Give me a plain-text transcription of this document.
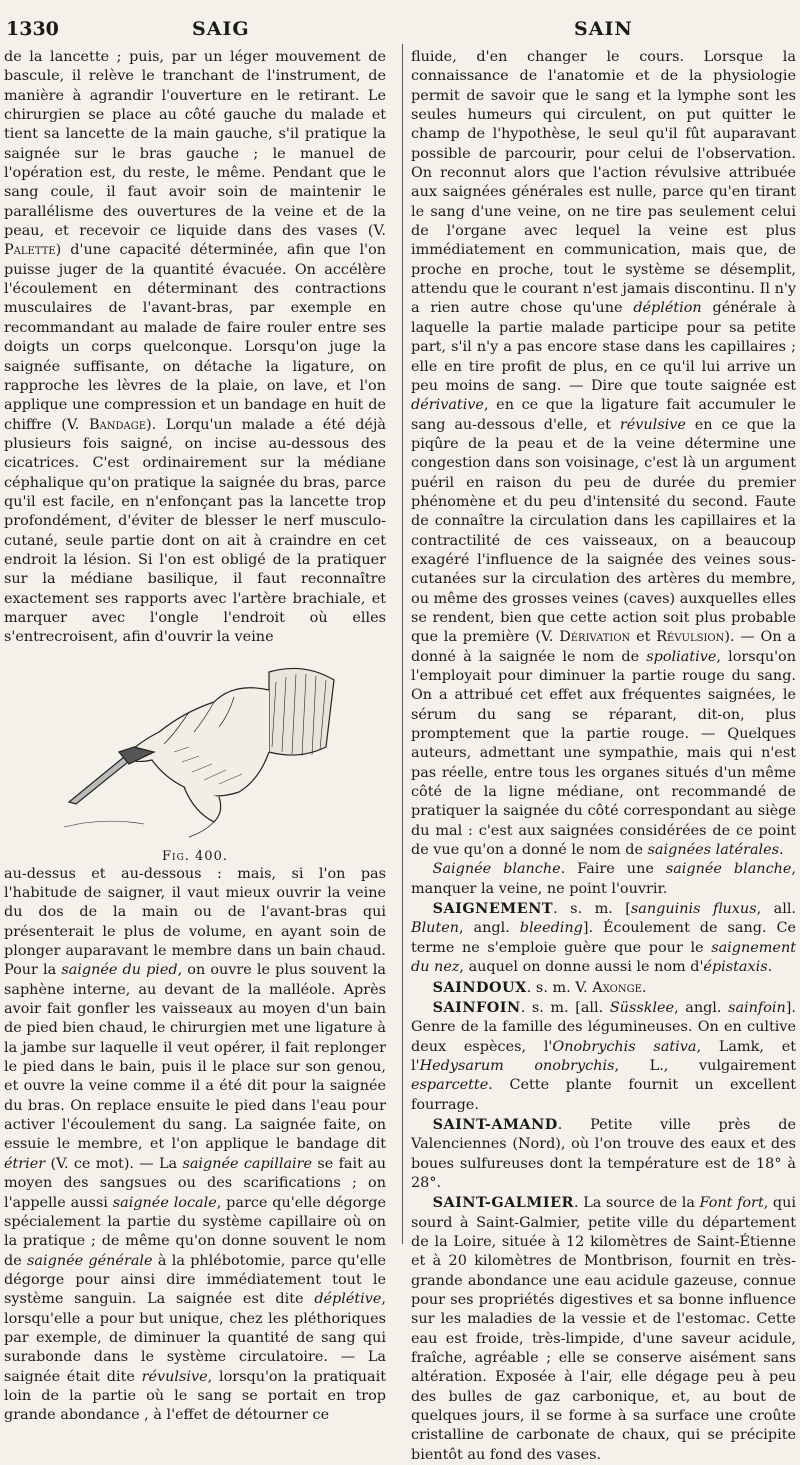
1330	SAIG	SAIN

de la lancette ; puis, par un léger mouvement de bascule, il relève le tranchant de l'instrument, de manière à agrandir l'ouverture en le retirant. Le chirurgien se place au côté gauche du malade et tient sa lancette de la main gauche, s'il pratique la saignée sur le bras gauche ; le manuel de l'opération est, du reste, le même. Pendant que le sang coule, il faut avoir soin de maintenir le parallélisme des ouvertures de la veine et de la peau, et recevoir ce liquide dans des vases (V. Palette) d'une capacité déterminée, afin que l'on puisse juger de la quantité évacuée. On accélère l'écoulement en déterminant des contractions musculaires de l'avant-bras, par exemple en recommandant au malade de faire rouler entre ses doigts un corps quelconque. Lorsqu'on juge la saignée suffisante, on détache la ligature, on rapproche les lèvres de la plaie, on lave, et l'on applique une compression et un bandage en huit de chiffre (V. Bandage). Lorqu'un malade a été déjà plusieurs fois saigné, on incise au-dessous des cicatrices. C'est ordinairement sur la médiane céphalique qu'on pratique la saignée du bras, parce qu'il est facile, en n'enfonçant pas la lancette trop profondément, d'éviter de blesser le nerf musculo-cutané, seule partie dont on ait à craindre en cet endroit la lésion. Si l'on est obligé de la pratiquer sur la médiane basilique, il faut reconnaître exactement ses rapports avec l'artère brachiale, et marquer avec l'ongle l'endroit où elles s'entrecroisent, afin d'ouvrir la veine

Fig. 400.

au-dessus et au-dessous : mais, si l'on pas l'habitude de saigner, il vaut mieux ouvrir la veine du dos de la main ou de l'avant-bras qui présenterait le plus de volume, en ayant soin de plonger auparavant le membre dans un bain chaud. Pour la saignée du pied, on ouvre le plus souvent la saphène interne, au devant de la malléole. Après avoir fait gonfler les vaisseaux au moyen d'un bain de pied bien chaud, le chirurgien met une ligature à la jambe sur laquelle il veut opérer, il fait replonger le pied dans le bain, puis il le place sur son genou, et ouvre la veine comme il a été dit pour la saignée du bras. On replace ensuite le pied dans l'eau pour activer l'écoulement du sang. La saignée faite, on essuie le membre, et l'on applique le bandage dit étrier (V. ce mot). — La saignée capillaire se fait au moyen des sangsues ou des scarifications ; on l'appelle aussi saignée locale, parce qu'elle dégorge spécialement la partie du système capillaire où on la pratique ; de même qu'on donne souvent le nom de saignée générale à la phlébotomie, parce qu'elle dégorge pour ainsi dire immédiatement tout le système sanguin. La saignée est dite déplétive, lorsqu'elle a pour but unique, chez les pléthoriques par exemple, de diminuer la quantité de sang qui surabonde dans le système circulatoire. — La saignée était dite révulsive, lorsqu'on la pratiquait loin de la partie où le sang se portait en trop grande abondance , à l'effet de détourner ce

fluide, d'en changer le cours. Lorsque la connaissance de l'anatomie et de la physiologie permit de savoir que le sang et la lymphe sont les seules humeurs qui circulent, on put quitter le champ de l'hypothèse, le seul qu'il fût auparavant possible de parcourir, pour celui de l'observation. On reconnut alors que l'action révulsive attribuée aux saignées générales est nulle, parce qu'en tirant le sang d'une veine, on ne tire pas seulement celui de l'organe avec lequel la veine est plus immédiatement en communication, mais que, de proche en proche, tout le système se désemplit, attendu que le courant n'est jamais discontinu. Il n'y a rien autre chose qu'une déplétion générale à laquelle la partie malade participe pour sa petite part, s'il n'y a pas encore stase dans les capillaires ; elle en tire profit de plus, en ce qu'il lui arrive un peu moins de sang. — Dire que toute saignée est dérivative, en ce que la ligature fait accumuler le sang au-dessous d'elle, et révulsive en ce que la piqûre de la peau et de la veine détermine une congestion dans son voisinage, c'est là un argument puéril en raison du peu de durée du premier phénomène et du peu d'intensité du second. Faute de connaître la circulation dans les capillaires et la contractilité de ces vaisseaux, on a beaucoup exagéré l'influence de la saignée des veines sous-cutanées sur la circulation des artères du membre, ou même des grosses veines (caves) auxquelles elles se rendent, bien que cette action soit plus probable que la première (V. Dérivation et Révulsion). — On a donné à la saignée le nom de spoliative, lorsqu'on l'employait pour diminuer la partie rouge du sang. On a attribué cet effet aux fréquentes saignées, le sérum du sang se réparant, dit-on, plus promptement que la partie rouge. — Quelques auteurs, admettant une sympathie, mais qui n'est pas réelle, entre tous les organes situés d'un même côté de la ligne médiane, ont recommandé de pratiquer la saignée du côté correspondant au siège du mal : c'est aux saignées considérées de ce point de vue qu'on a donné le nom de saignées latérales.

Saignée blanche. Faire une saignée blanche, manquer la veine, ne point l'ouvrir.

SAIGNEMENT. s. m. [sanguinis fluxus, all. Bluten, angl. bleeding]. Écoulement de sang. Ce terme ne s'emploie guère que pour le saignement du nez, auquel on donne aussi le nom d'épistaxis.

SAINDOUX. s. m. V. Axonge.

SAINFOIN. s. m. [all. Süssklee, angl. sainfoin]. Genre de la famille des légumineuses. On en cultive deux espèces, l'Onobrychis sativa, Lamk, et l'Hedysarum onobrychis, L., vulgairement esparcette. Cette plante fournit un excellent fourrage.

SAINT-AMAND. Petite ville près de Valenciennes (Nord), où l'on trouve des eaux et des boues sulfureuses dont la température est de 18° à 28°.

SAINT-GALMIER. La source de la Font fort, qui sourd à Saint-Galmier, petite ville du département de la Loire, située à 12 kilomètres de Saint-Étienne et à 20 kilomètres de Montbrison, fournit en très-grande abondance une eau acidule gazeuse, connue pour ses propriétés digestives et sa bonne influence sur les maladies de la vessie et de l'estomac. Cette eau est froide, très-limpide, d'une saveur acidule, fraîche, agréable ; elle se conserve aisément sans altération. Exposée à l'air, elle dégage peu à peu des bulles de gaz carbonique, et, au bout de quelques jours, il se forme à sa surface une croûte cristalline de carbonate de chaux, qui se précipite bientôt au fond des vases.
